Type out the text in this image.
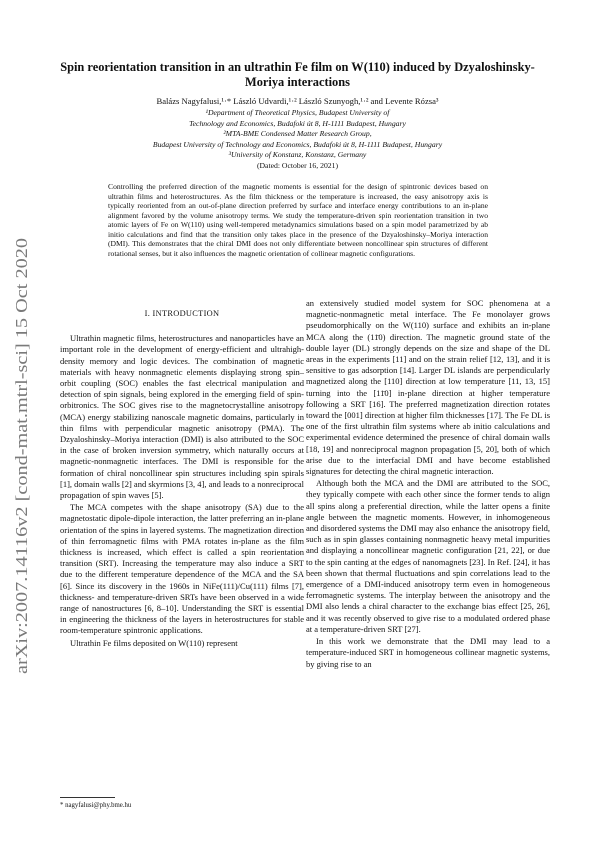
arXiv:2007.14116v2 [cond-mat.mtrl-sci] 15 Oct 2020
Spin reorientation transition in an ultrathin Fe film on W(110) induced by Dzyaloshinsky-Moriya interactions
Balázs Nagyfalusi,¹·* László Udvardi,¹·² László Szunyogh,¹·² and Levente Rózsa³
¹Department of Theoretical Physics, Budapest University of
Technology and Economics, Budafoki út 8, H-1111 Budapest, Hungary
²MTA-BME Condensed Matter Research Group,
Budapest University of Technology and Economics, Budafoki út 8, H-1111 Budapest, Hungary
³University of Konstanz, Konstanz, Germany
(Dated: October 16, 2021)
Controlling the preferred direction of the magnetic moments is essential for the design of spintronic devices based on ultrathin films and heterostructures. As the film thickness or the temperature is increased, the easy anisotropy axis is typically reoriented from an out-of-plane direction preferred by surface and interface energy contributions to an in-plane alignment favored by the volume anisotropy terms. We study the temperature-driven spin reorientation transition in two atomic layers of Fe on W(110) using well-tempered metadynamics simulations based on a spin model parametrized by ab initio calculations and find that the transition only takes place in the presence of the Dzyaloshinsky–Moriya interaction (DMI). This demonstrates that the chiral DMI does not only differentiate between noncollinear spin structures of different rotational senses, but it also influences the magnetic orientation of collinear magnetic configurations.
I. INTRODUCTION

Ultrathin magnetic films, heterostructures and nanoparticles have an important role in the development of energy-efficient and ultrahigh-density memory and logic devices. The combination of magnetic materials with heavy nonmagnetic elements displaying strong spin–orbit coupling (SOC) enables the fast electrical manipulation and detection of spin signals, being explored in the emerging field of spin-orbitronics. The SOC gives rise to the magnetocrystalline anisotropy (MCA) energy stabilizing nanoscale magnetic domains, particularly in thin films with perpendicular magnetic anisotropy (PMA). The Dzyaloshinsky–Moriya interaction (DMI) is also attributed to the SOC in the case of broken inversion symmetry, which naturally occurs at magnetic-nonmagnetic interfaces. The DMI is responsible for the formation of chiral noncollinear spin structures including spin spirals [1], domain walls [2] and skyrmions [3, 4], and leads to a nonreciprocal propagation of spin waves [5].

The MCA competes with the shape anisotropy (SA) due to the magnetostatic dipole-dipole interaction, the latter preferring an in-plane orientation of the spins in layered systems. The magnetization direction of thin ferromagnetic films with PMA rotates in-plane as the film thickness is increased, which effect is called a spin reorientation transition (SRT). Increasing the temperature may also induce a SRT due to the different temperature dependence of the MCA and the SA [6]. Since its discovery in the 1960s in NiFe(111)/Cu(111) films [7], thickness- and temperature-driven SRTs have been observed in a wide range of nanostructures [6, 8–10]. Understanding the SRT is essential in engineering the thickness of the layers in heterostructures for stable room-temperature spintronic applications.

Ultrathin Fe films deposited on W(110) represent

an extensively studied model system for SOC phenomena at a magnetic-nonmagnetic metal interface. The Fe monolayer grows pseudomorphically on the W(110) surface and exhibits an in-plane MCA along the (11̄0) direction. The magnetic ground state of the double layer (DL) strongly depends on the size and shape of the DL areas in the experiments [11] and on the strain relief [12, 13], and it is sensitive to gas adsorption [14]. Larger DL islands are perpendicularly magnetized along the [110] direction at low temperature [11, 13, 15] turning into the [11̄0] in-plane direction at higher temperature following a SRT [16]. The preferred magnetization direction rotates toward the [001] direction at higher film thicknesses [17]. The Fe DL is one of the first ultrathin film systems where ab initio calculations and experimental evidence determined the presence of chiral domain walls [18, 19] and nonreciprocal magnon propagation [5, 20], both of which arise due to the interfacial DMI and have become established signatures for detecting the chiral magnetic interaction.

Although both the MCA and the DMI are attributed to the SOC, they typically compete with each other since the former tends to align all spins along a preferential direction, while the latter opens a finite angle between the magnetic moments. However, in inhomogeneous and disordered systems the DMI may also enhance the anisotropy field, such as in spin glasses containing nonmagnetic heavy metal impurities and displaying a noncollinear magnetic configuration [21, 22], or due to the spin canting at the edges of nanomagnets [23]. In Ref. [24], it has been shown that thermal fluctuations and spin correlations lead to the emergence of a DMI-induced anisotropy term even in homogeneous ferromagnetic systems. The interplay between the anisotropy and the DMI also lends a chiral character to the exchange bias effect [25, 26], and it was recently observed to give rise to a modulated ordered phase at a temperature-driven SRT [27].

In this work we demonstrate that the DMI may lead to a temperature-induced SRT in homogeneous collinear magnetic systems, by giving rise to an

* nagyfalusi@phy.bme.hu
